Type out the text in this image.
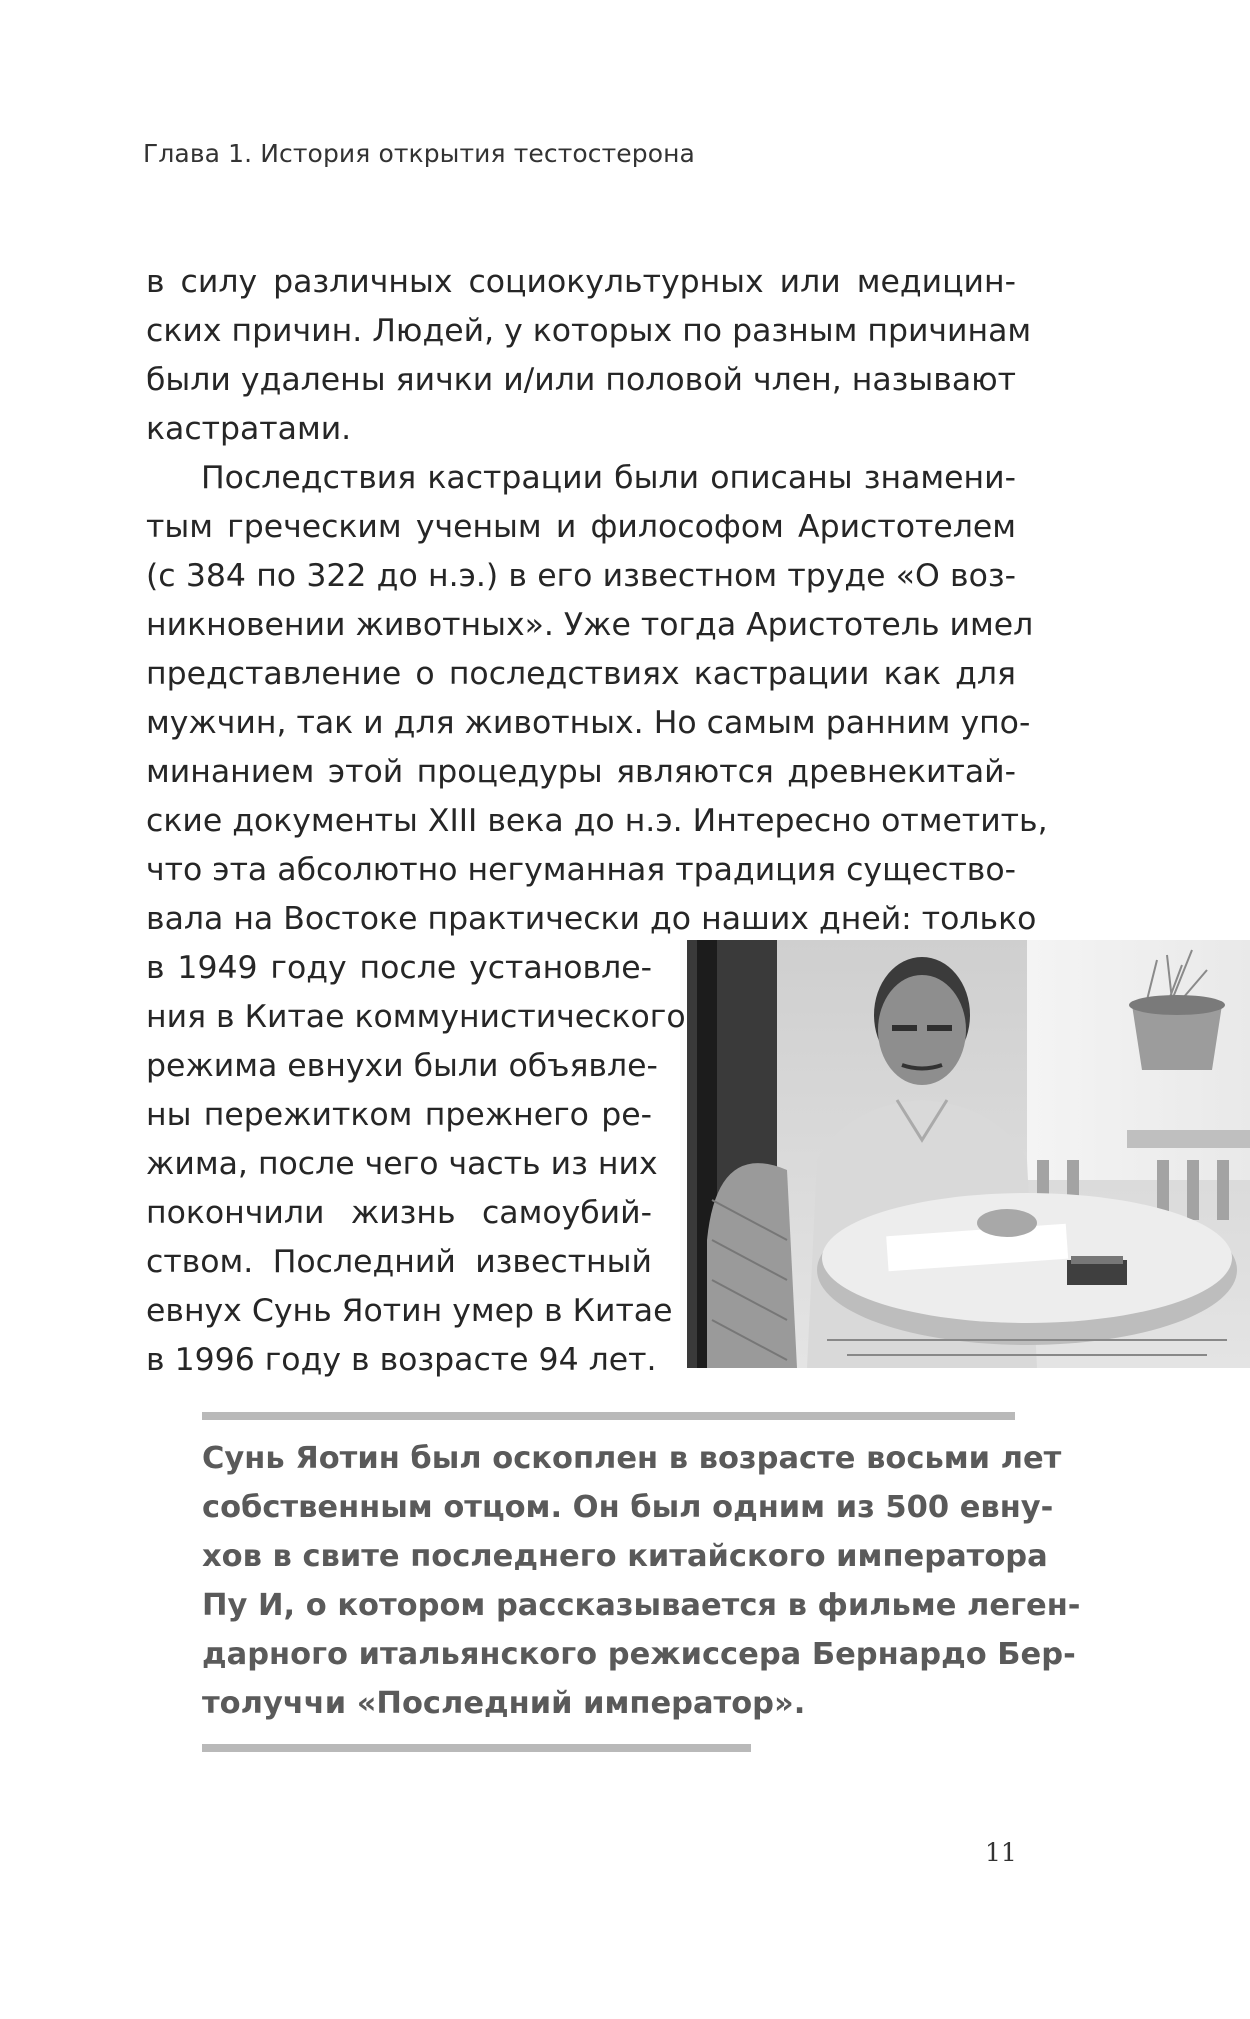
Глава 1. История открытия тестостерона
в силу различных социокультурных или медицин-
ских причин. Людей, у которых по разным причинам
были удалены яички и/или половой член, называют
кастратами.
Последствия кастрации были описаны знамени-
тым греческим ученым и философом Аристотелем
(с 384 по 322 до н.э.) в его известном труде «О воз-
никновении животных». Уже тогда Аристотель имел
представление о последствиях кастрации как для
мужчин, так и для животных. Но самым ранним упо-
минанием этой процедуры являются древнекитай-
ские документы XIII века до н.э. Интересно отметить,
что эта абсолютно негуманная традиция существо-
вала на Востоке практически до наших дней: только
в 1949 году после установле-
ния в Китае коммунистического
режима евнухи были объявле-
ны пережитком прежнего ре-
жима, после чего часть из них
покончили жизнь самоубий-
ством. Последний известный
евнух Сунь Яотин умер в Китае
в 1996 году в возрасте 94 лет.
Сунь Яотин был оскоплен в возрасте восьми лет
собственным отцом. Он был одним из 500 евну-
хов в свите последнего китайского императора
Пу И, о котором рассказывается в фильме леген-
дарного итальянского режиссера Бернардо Бер-
толуччи «Последний император».
11
